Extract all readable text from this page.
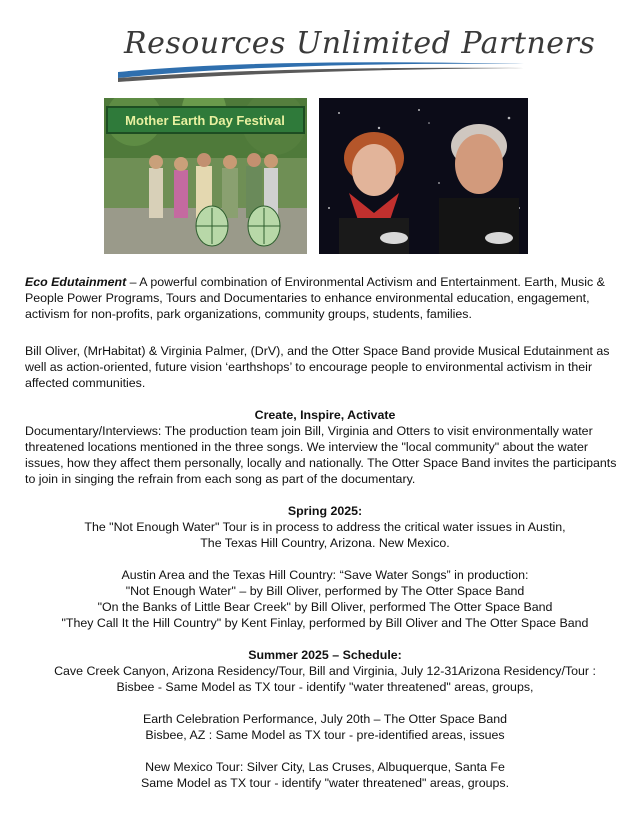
Resources Unlimited Partners
Mother Earth Day Festival
Eco Edutainment – A powerful combination of Environmental Activism and Entertainment. Earth, Music & People Power Programs, Tours and Documentaries to enhance environmental education, engagement, activism for non-profits, park organizations, community groups, students, families.
Bill Oliver, (MrHabitat) & Virginia Palmer, (DrV), and the Otter Space Band provide Musical Edutainment as well as action-oriented, future vision ‘earthshops’ to encourage people to environmental activism in their affected communities.
Create, Inspire, Activate
Documentary/Interviews: The production team join Bill, Virginia and Otters to visit environmentally water threatened locations mentioned in the three songs. We interview the "local community" about the water issues, how they affect them personally, locally and nationally. The Otter Space Band invites the participants to join in singing the refrain from each song as part of the documentary.
Spring 2025:
The "Not Enough Water" Tour is in process to address the critical water issues in Austin,
The Texas Hill Country, Arizona. New Mexico.

Austin Area and the Texas Hill Country: “Save Water Songs” in production:
"Not Enough Water" – by Bill Oliver, performed by The Otter Space Band
"On the Banks of Little Bear Creek" by Bill Oliver, performed The Otter Space Band
"They Call It the Hill Country" by Kent Finlay, performed by Bill Oliver and The Otter Space Band
Summer 2025 – Schedule:
Cave Creek Canyon, Arizona Residency/Tour, Bill and Virginia, July 12-31Arizona Residency/Tour :
Bisbee - Same Model as TX tour - identify "water threatened" areas, groups,

Earth Celebration Performance, July 20th – The Otter Space Band
Bisbee, AZ : Same Model as TX tour - pre-identified areas, issues

New Mexico Tour: Silver City, Las Cruses, Albuquerque, Santa Fe
Same Model as TX tour - identify "water threatened" areas, groups.
